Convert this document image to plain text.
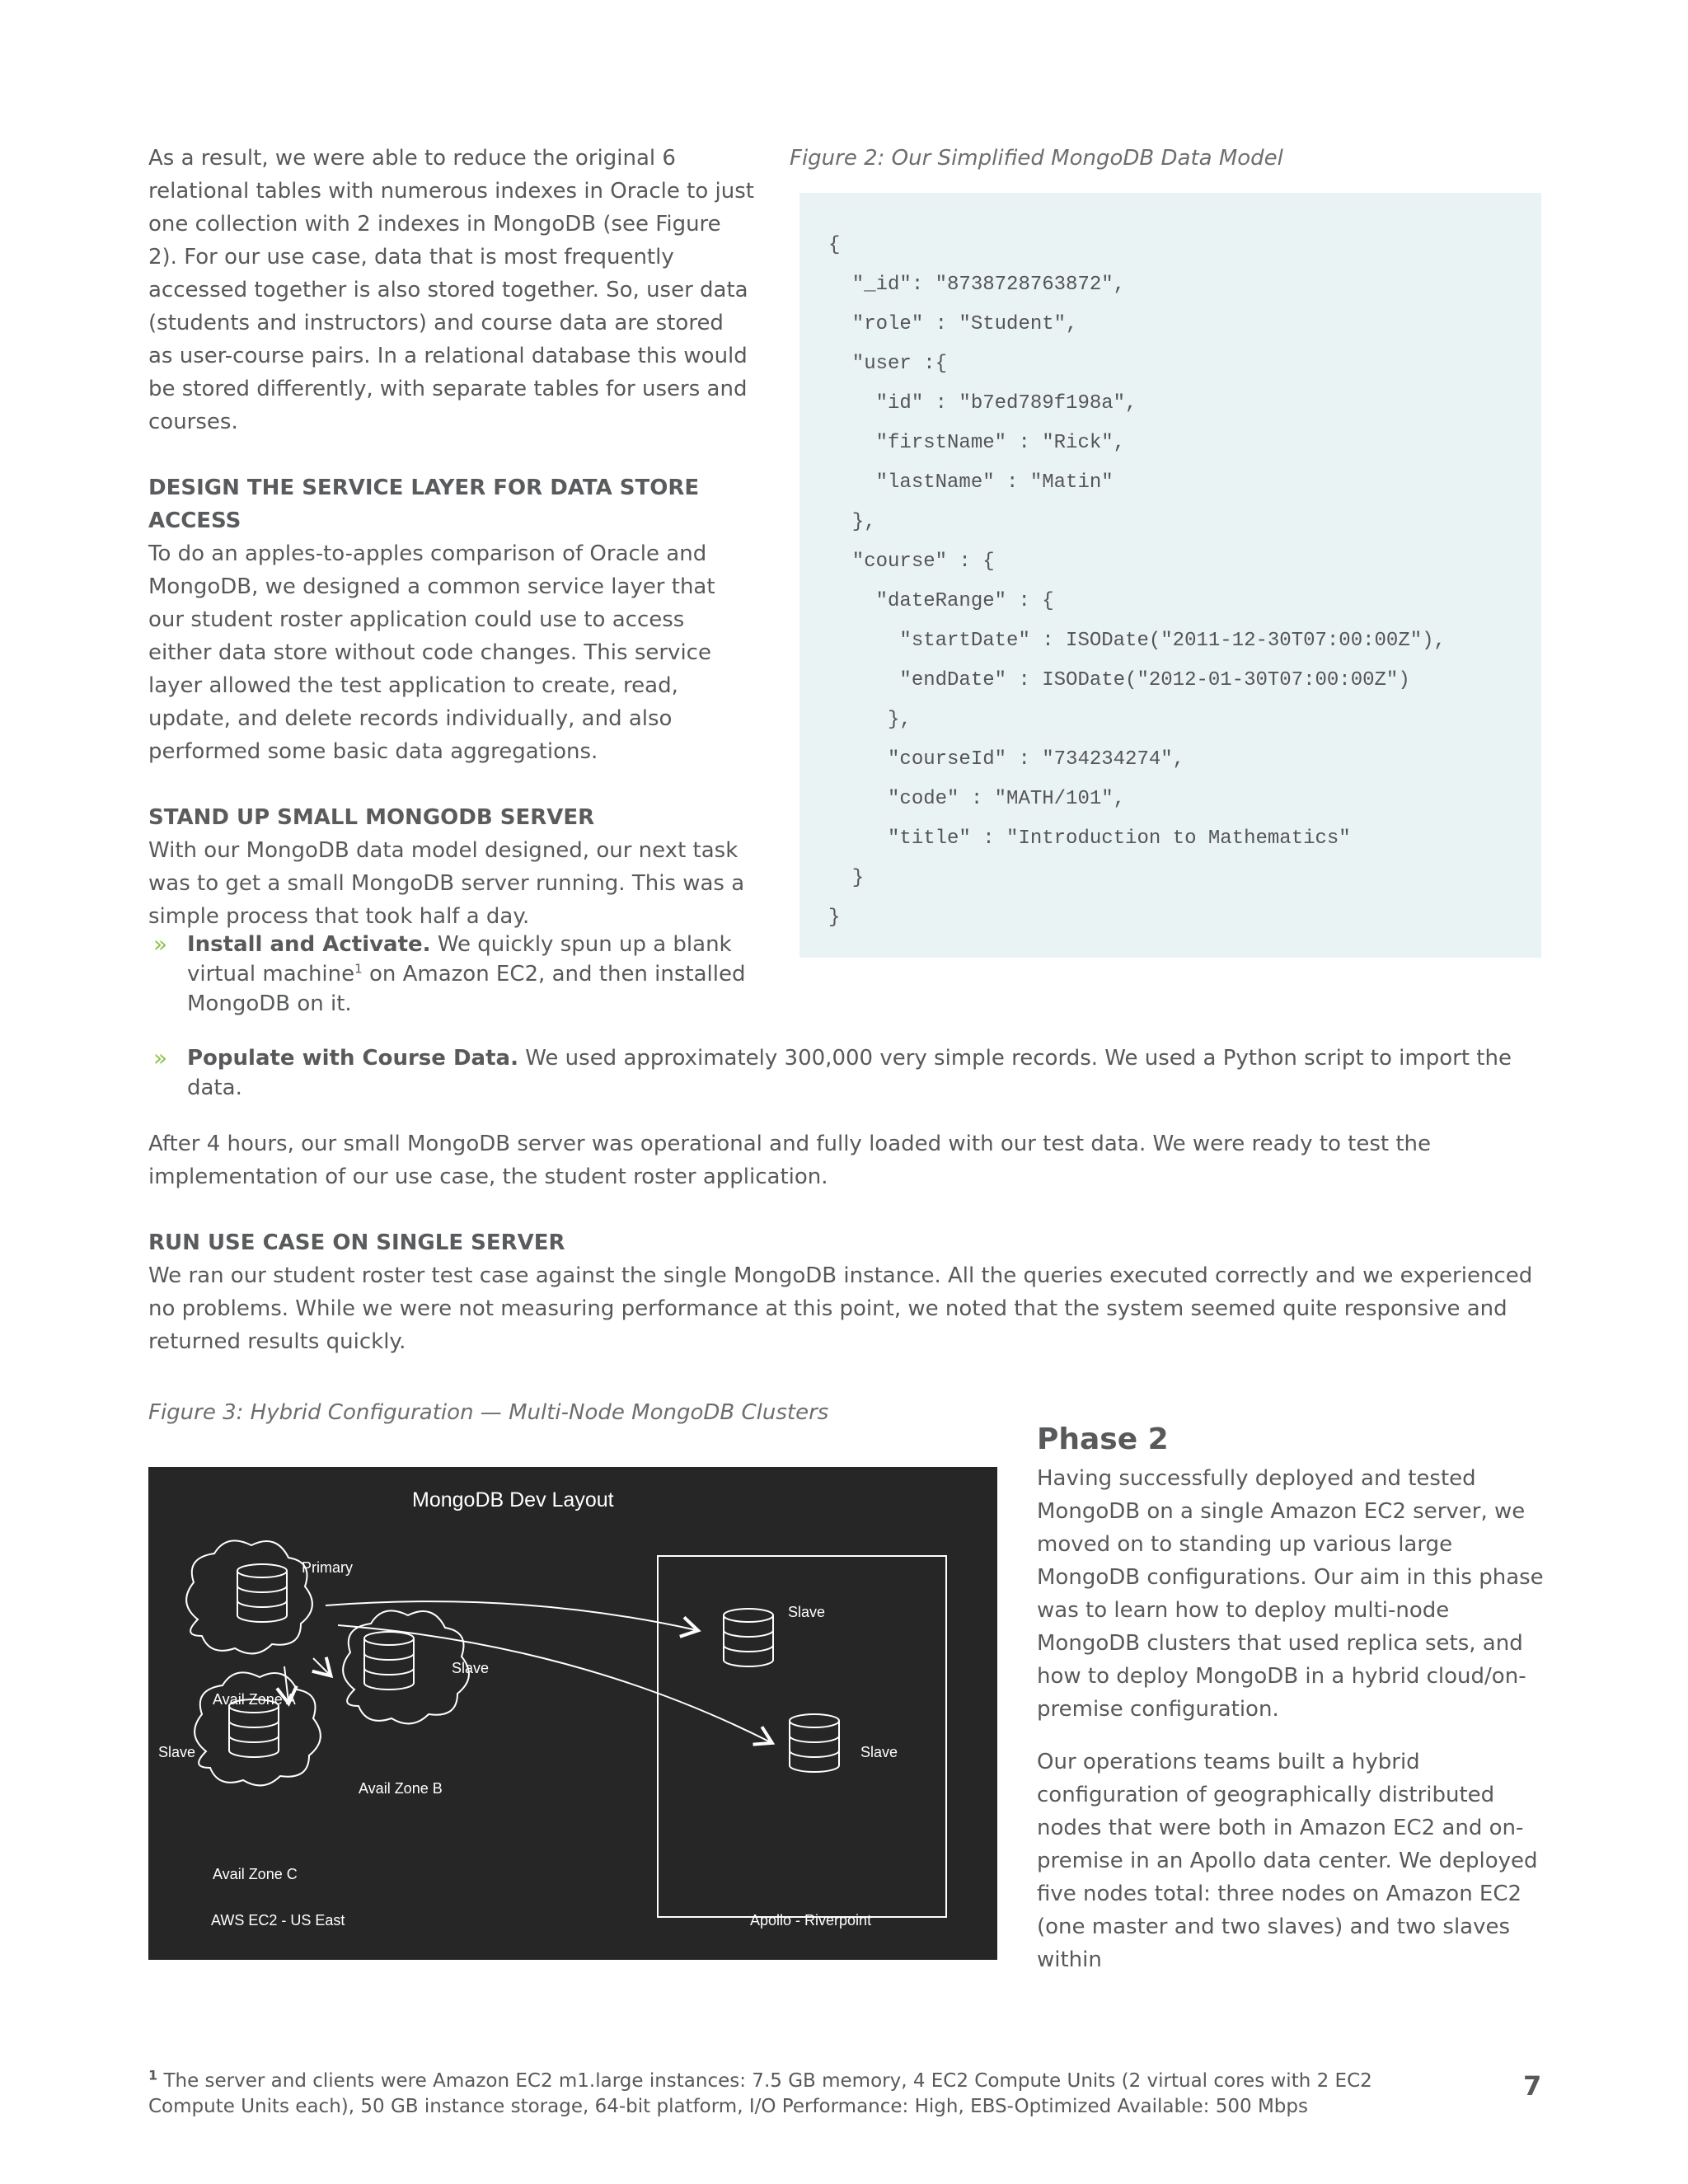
As a result, we were able to reduce the original 6 relational tables with numerous indexes in Oracle to just one collection with 2 indexes in MongoDB (see Figure 2). For our use case, data that is most frequently accessed together is also stored together. So, user data (students and instructors) and course data are stored as user-course pairs. In a relational database this would be stored differently, with separate tables for users and courses.

DESIGN THE SERVICE LAYER FOR DATA STORE ACCESS

To do an apples-to-apples comparison of Oracle and MongoDB, we designed a common service layer that our student roster application could use to access either data store without code changes. This service layer allowed the test application to create, read, update, and delete records individually, and also performed some basic data aggregations.

STAND UP SMALL MONGODB SERVER

With our MongoDB data model designed, our next task was to get a small MongoDB server running. This was a simple process that took half a day.

» Install and Activate. We quickly spun up a blank virtual machine$^1$ on Amazon EC2, and then installed MongoDB on it.
» Populate with Course Data. We used approximately 300,000 very simple records. We used a Python script to import the data.

After 4 hours, our small MongoDB server was operational and fully loaded with our test data. We were ready to test the implementation of our use case, the student roster application.

RUN USE CASE ON SINGLE SERVER

We ran our student roster test case against the single MongoDB instance. All the queries executed correctly and we experienced no problems. While we were not measuring performance at this point, we noted that the system seemed quite responsive and returned results quickly.

Figure 2: Our Simplified MongoDB Data Model
{
"_id": "8738728763872",
"role" : "Student",
"user :{
"id" : "b7ed789f198a",
"firstName" : "Rick",
"lastName" : "Matin"
},
"course" : {
"dateRange" : {
"startDate" : ISODate("2011-12-30T07:00:00Z"),
"endDate" : ISODate("2012-01-30T07:00:00Z")
},
"courseId" : "734234274",
"code" : "MATH/101",
"title" : "Introduction to Mathematics"
}
}
Figure 3: Hybrid Configuration — Multi-Node MongoDB Clusters
MongoDB Dev Layout
Primary
Slave
Slave
Slave
Slave
Avail Zone A
Avail Zone B
Avail Zone C
AWS EC2 - US East	Apollo - Riverpoint
Phase 2

Having successfully deployed and tested MongoDB on a single Amazon EC2 server, we moved on to standing up various large MongoDB configurations. Our aim in this phase was to learn how to deploy multi-node MongoDB clusters that used replica sets, and how to deploy MongoDB in a hybrid cloud/on-premise configuration.

Our operations teams built a hybrid configuration of geographically distributed nodes that were both in Amazon EC2 and on-premise in an Apollo data center. We deployed five nodes total: three nodes on Amazon EC2 (one master and two slaves) and two slaves within

$^1$ The server and clients were Amazon EC2 m1.large instances: 7.5 GB memory, 4 EC2 Compute Units (2 virtual cores with 2 EC2 Compute Units each), 50 GB instance storage, 64-bit platform, I/O Performance: High, EBS-Optimized Available: 500 Mbps
7
